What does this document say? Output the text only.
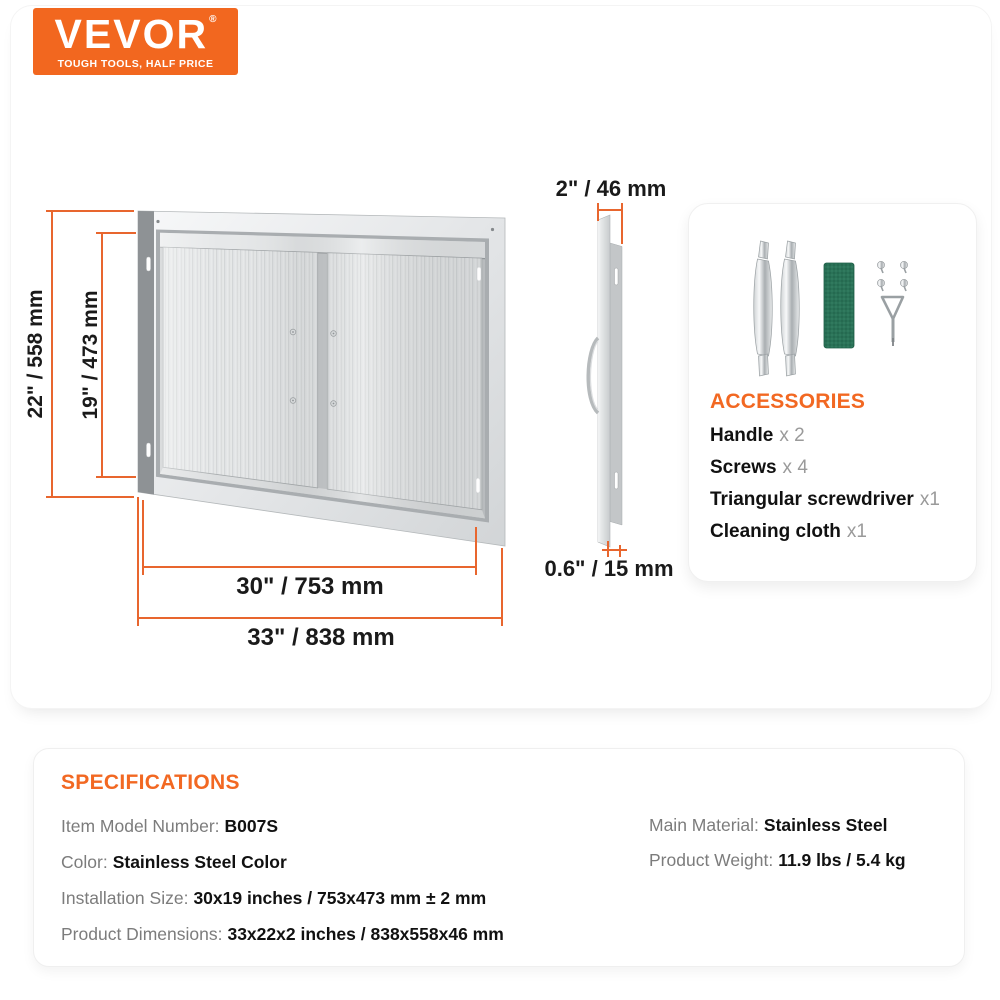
VEVOR ®
TOUGH TOOLS, HALF PRICE
22" / 558 mm 19" / 473 mm
30" / 753 mm
33" / 838 mm
2" / 46 mm
0.6" / 15 mm
ACCESSORIES
Handle x 2
Screws x 4
Triangular screwdriver x1
Cleaning cloth x1
SPECIFICATIONS
Item Model Number: B007S
Color: Stainless Steel Color
Installation Size: 30x19 inches / 753x473 mm ± 2 mm
Product Dimensions: 33x22x2 inches / 838x558x46 mm
Main Material: Stainless Steel
Product Weight: 11.9 lbs / 5.4 kg
